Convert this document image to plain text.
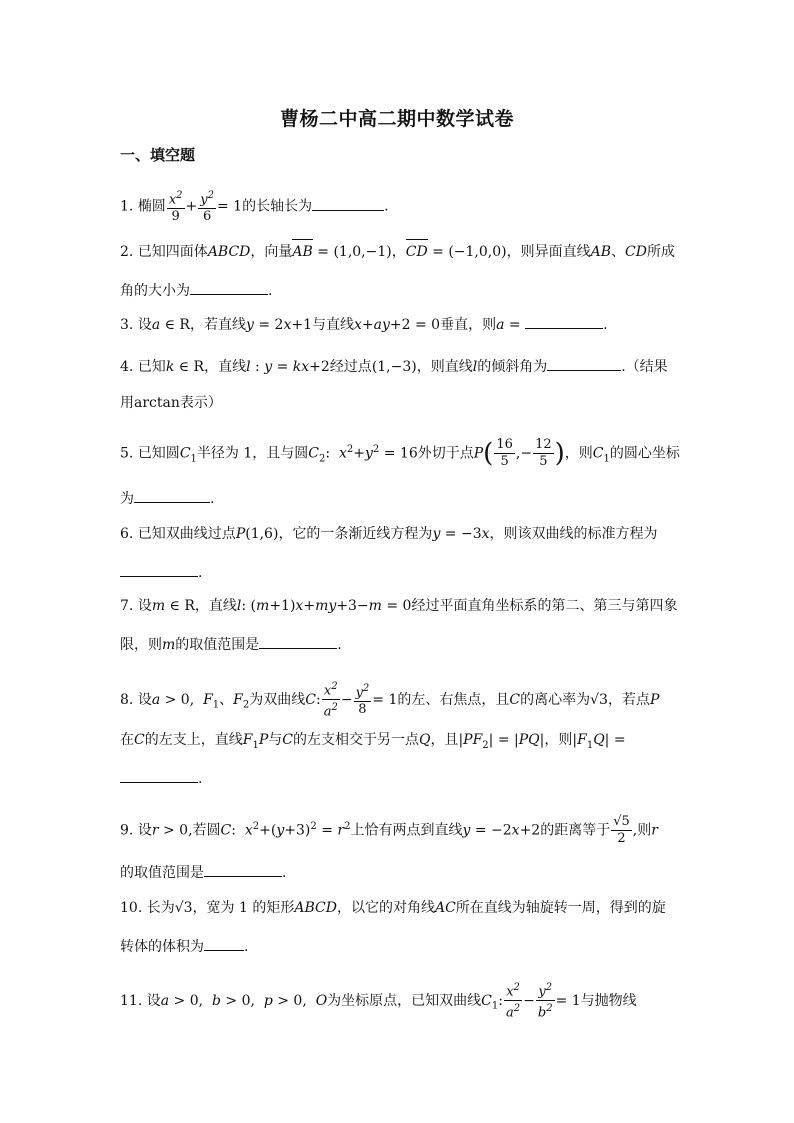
曹杨二中高二期中数学试卷
一、填空题
1. 椭圆 $\frac{x^2}{9} + \frac{y^2}{6} = 1$的长轴长为	.
2. 已知四面体ABCD，向量AB = (1,0,−1)，CD = (−1,0,0)，则异面直线AB、CD所成
角的大小为	.
3. 设a ∈ R，若直线y = 2x+1与直线x+ay+2 = 0垂直，则a =	.
4. 已知k ∈ R，直线l : y = kx+2经过点(1,−3)，则直线l的倾斜角为	.（结果
用arctan表示）
5. 已知圆$C_1$半径为 1，且与圆$C_2$:  $x^2+y^2 = 16$外切于点$P( \frac{16}{5}$ ,− $\frac{12}{5}$ )，则$C_1$的圆心坐标
为	.
6. 已知双曲线过点P(1,6)，它的一条渐近线方程为y = −3x，则该双曲线的标准方程为
.
7. 设m ∈ R，直线l: (m+1)x+my+3−m = 0经过平面直角坐标系的第二、第三与第四象
限，则m的取值范围是	.
8. 设a > 0,  $F_1$、$F_2$为双曲线C: $\frac{x^2}{a^2} - \frac{y^2}{8} = 1$的左、右焦点，且C的离心率为√3，若点P
在C的左支上，直线$F_1P$与C的左支相交于另一点Q，且$|PF_2| = |PQ|$，则$|F_1Q|$ =
.
9. 设r > 0,若圆C:  $x^2+(y+3)^2 = r^2$上恰有两点到直线y = −2x+2的距离等于 $\frac{√5}{2}$ ,则r
的取值范围是	.
10. 长为√3，宽为 1 的矩形ABCD，以它的对角线AC所在直线为轴旋转一周，得到的旋
转体的体积为	.
11. 设a > 0,  b > 0,  p > 0,  O为坐标原点，已知双曲线$C_1$: $\frac{x^2}{a^2} - \frac{y^2}{b^2} = 1$与抛物线
